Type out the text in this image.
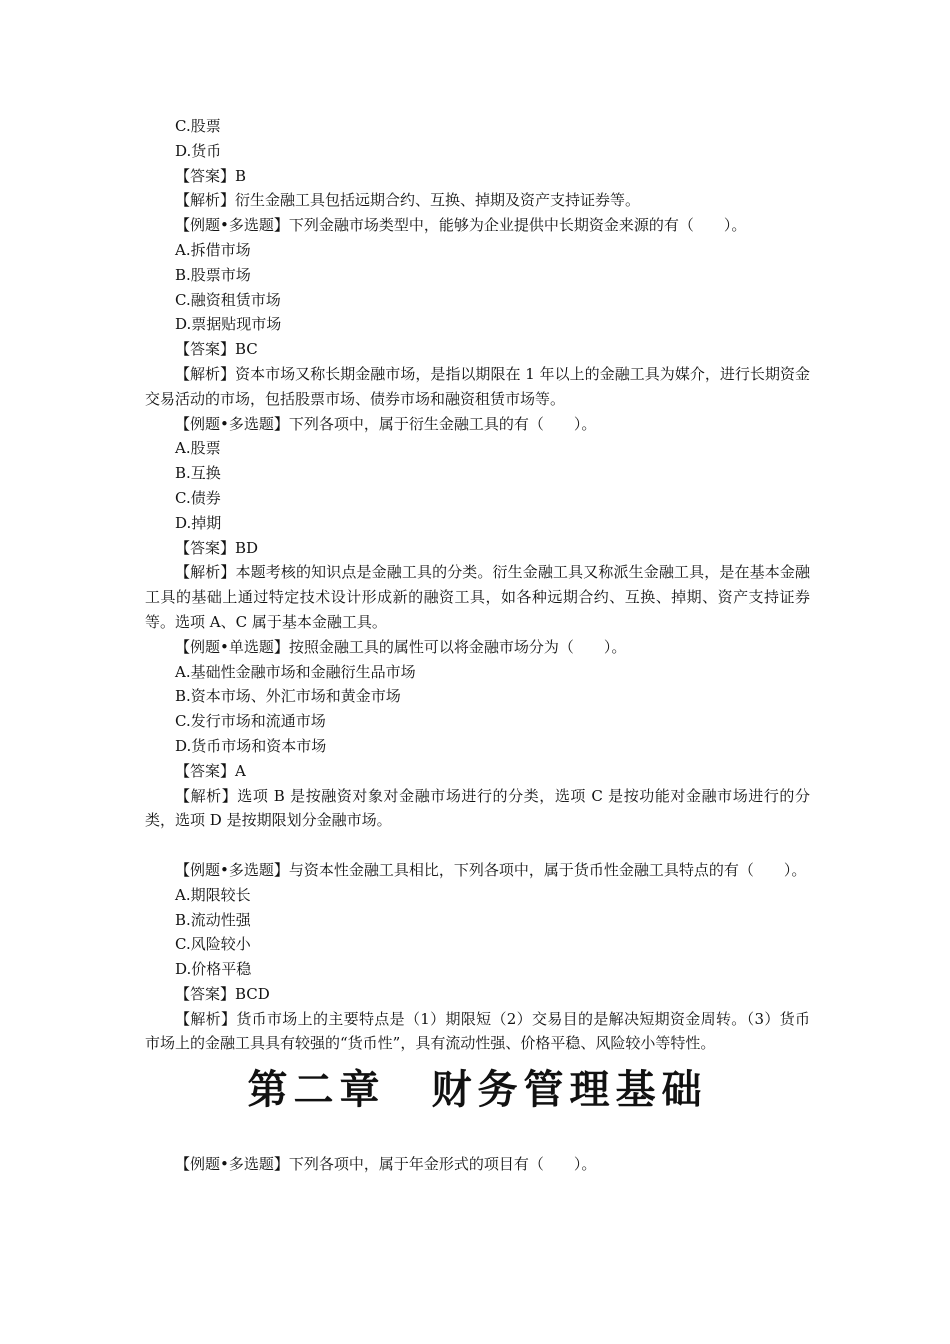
C.股票
D.货币
【答案】B
【解析】衍生金融工具包括远期合约、互换、掉期及资产支持证券等。
【例题•多选题】下列金融市场类型中，能够为企业提供中长期资金来源的有（　　）。
A.拆借市场
B.股票市场
C.融资租赁市场
D.票据贴现市场
【答案】BC
【解析】资本市场又称长期金融市场，是指以期限在 1 年以上的金融工具为媒介，进行长期资金交易活动的市场，包括股票市场、债券市场和融资租赁市场等。
【例题•多选题】下列各项中，属于衍生金融工具的有（　　）。
A.股票
B.互换
C.债券
D.掉期
【答案】BD
【解析】本题考核的知识点是金融工具的分类。衍生金融工具又称派生金融工具，是在基本金融工具的基础上通过特定技术设计形成新的融资工具，如各种远期合约、互换、掉期、资产支持证券等。选项 A、C 属于基本金融工具。
【例题•单选题】按照金融工具的属性可以将金融市场分为（　　）。
A.基础性金融市场和金融衍生品市场
B.资本市场、外汇市场和黄金市场
C.发行市场和流通市场
D.货币市场和资本市场
【答案】A
【解析】选项 B 是按融资对象对金融市场进行的分类，选项 C 是按功能对金融市场进行的分类，选项 D 是按期限划分金融市场。
【例题•多选题】与资本性金融工具相比，下列各项中，属于货币性金融工具特点的有（　　）。
A.期限较长
B.流动性强
C.风险较小
D.价格平稳
【答案】BCD
【解析】货币市场上的主要特点是（1）期限短（2）交易目的是解决短期资金周转。（3）货币市场上的金融工具具有较强的“货币性”，具有流动性强、价格平稳、风险较小等特性。
第二章　财务管理基础
【例题•多选题】下列各项中，属于年金形式的项目有（　　）。
